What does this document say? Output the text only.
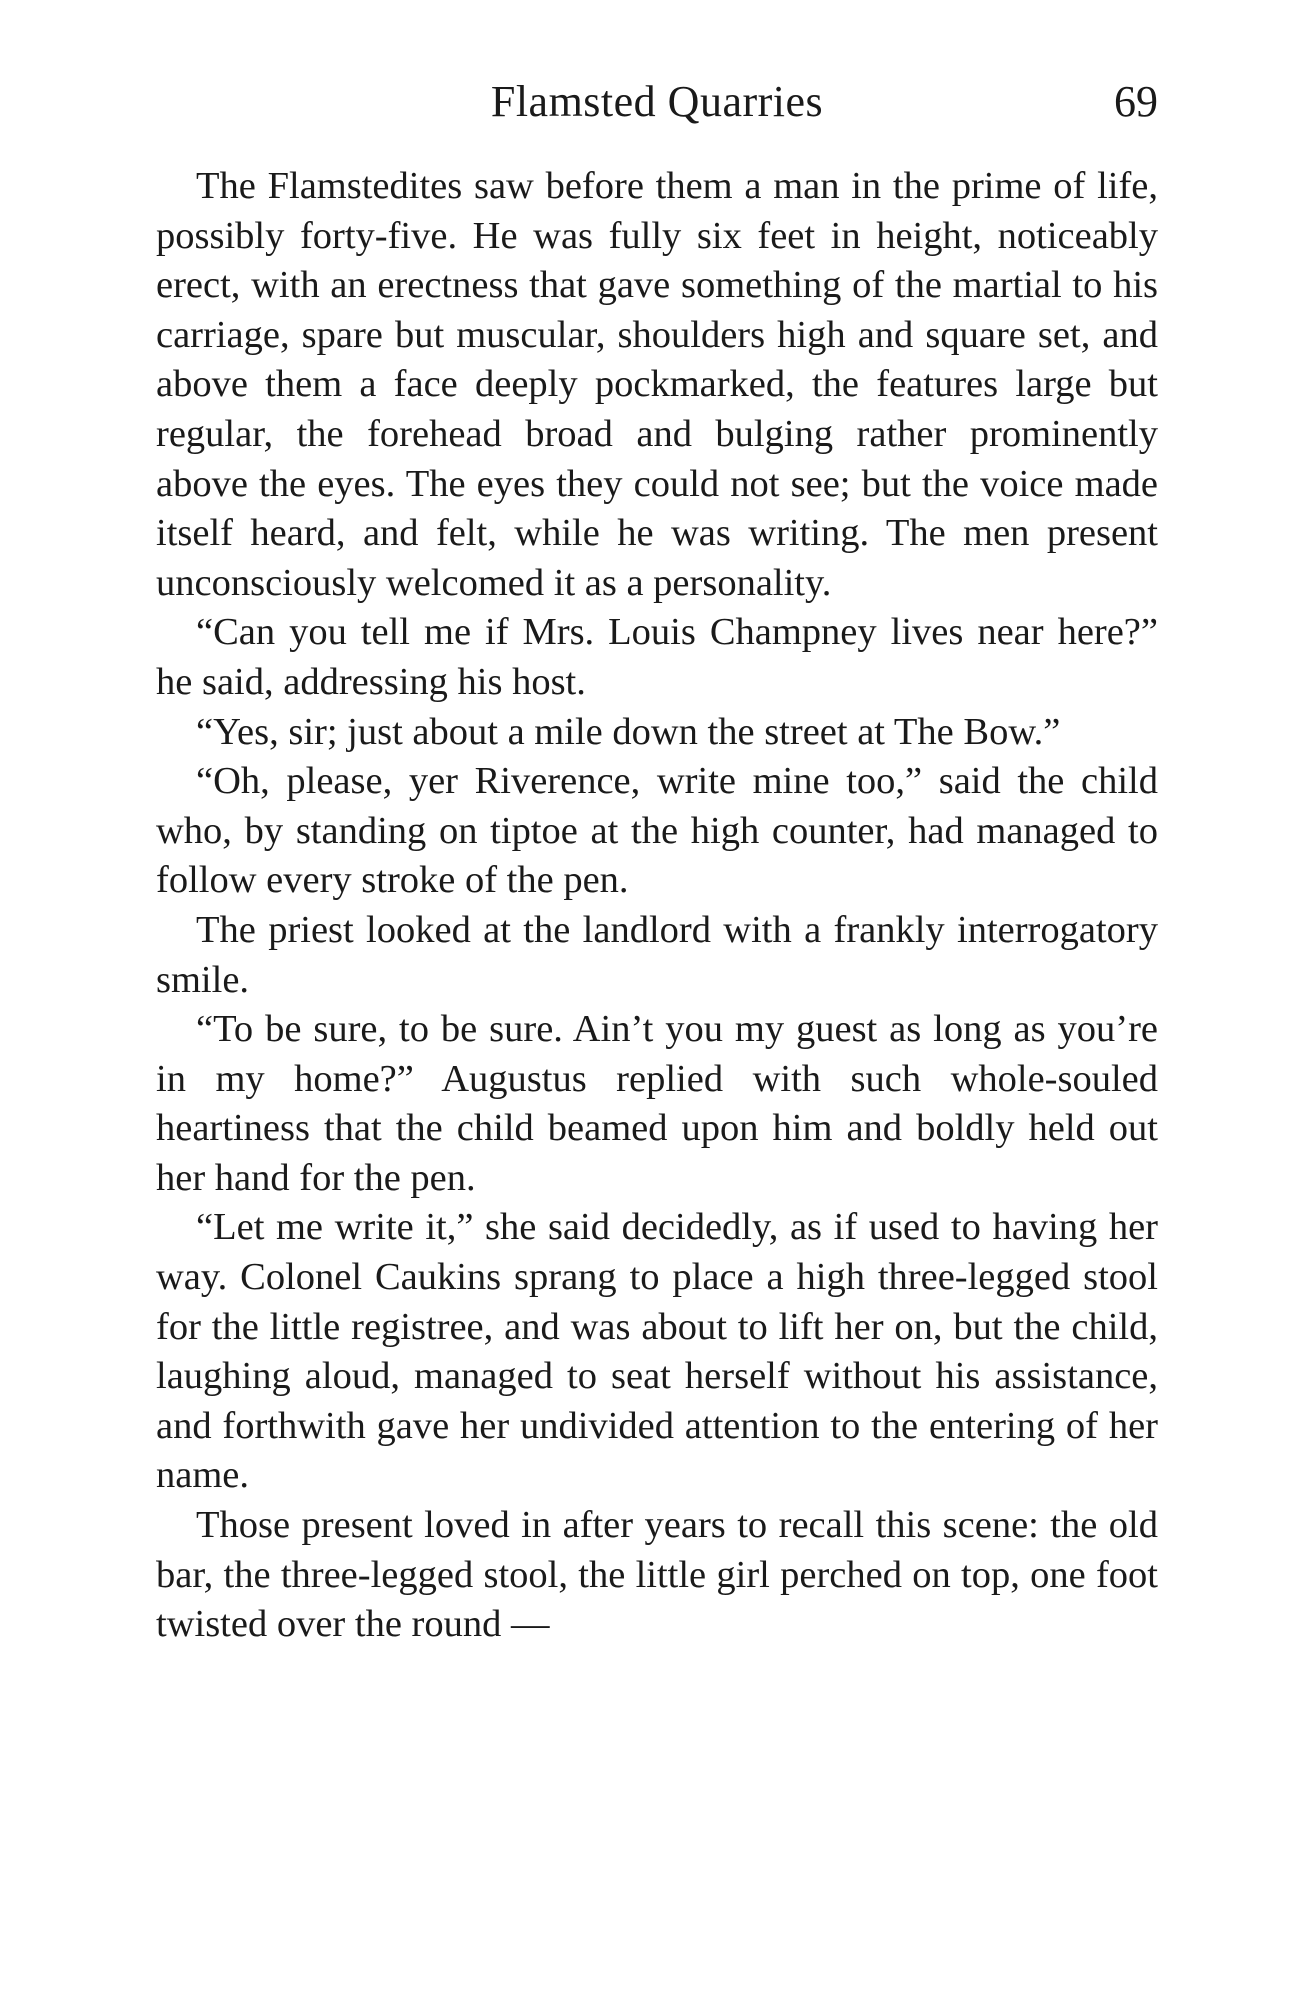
Flamsted Quarries	69

The Flamstedites saw before them a man in the prime of life, possibly forty-five. He was fully six feet in height, noticeably erect, with an erectness that gave something of the martial to his carriage, spare but muscular, shoulders high and square set, and above them a face deeply pockmarked, the features large but regular, the forehead broad and bulging rather prominently above the eyes. The eyes they could not see; but the voice made itself heard, and felt, while he was writing. The men present unconsciously welcomed it as a personality.

“Can you tell me if Mrs. Louis Champney lives near here?” he said, addressing his host.

“Yes, sir; just about a mile down the street at The Bow.”

“Oh, please, yer Riverence, write mine too,” said the child who, by standing on tiptoe at the high counter, had managed to follow every stroke of the pen.

The priest looked at the landlord with a frankly interrogatory smile.

“To be sure, to be sure. Ain’t you my guest as long as you’re in my home?” Augustus replied with such whole-souled heartiness that the child beamed upon him and boldly held out her hand for the pen.

“Let me write it,” she said decidedly, as if used to having her way. Colonel Caukins sprang to place a high three-legged stool for the little registree, and was about to lift her on, but the child, laughing aloud, managed to seat herself without his assistance, and forthwith gave her undivided attention to the entering of her name.

Those present loved in after years to recall this scene: the old bar, the three-legged stool, the little girl perched on top, one foot twisted over the round —
